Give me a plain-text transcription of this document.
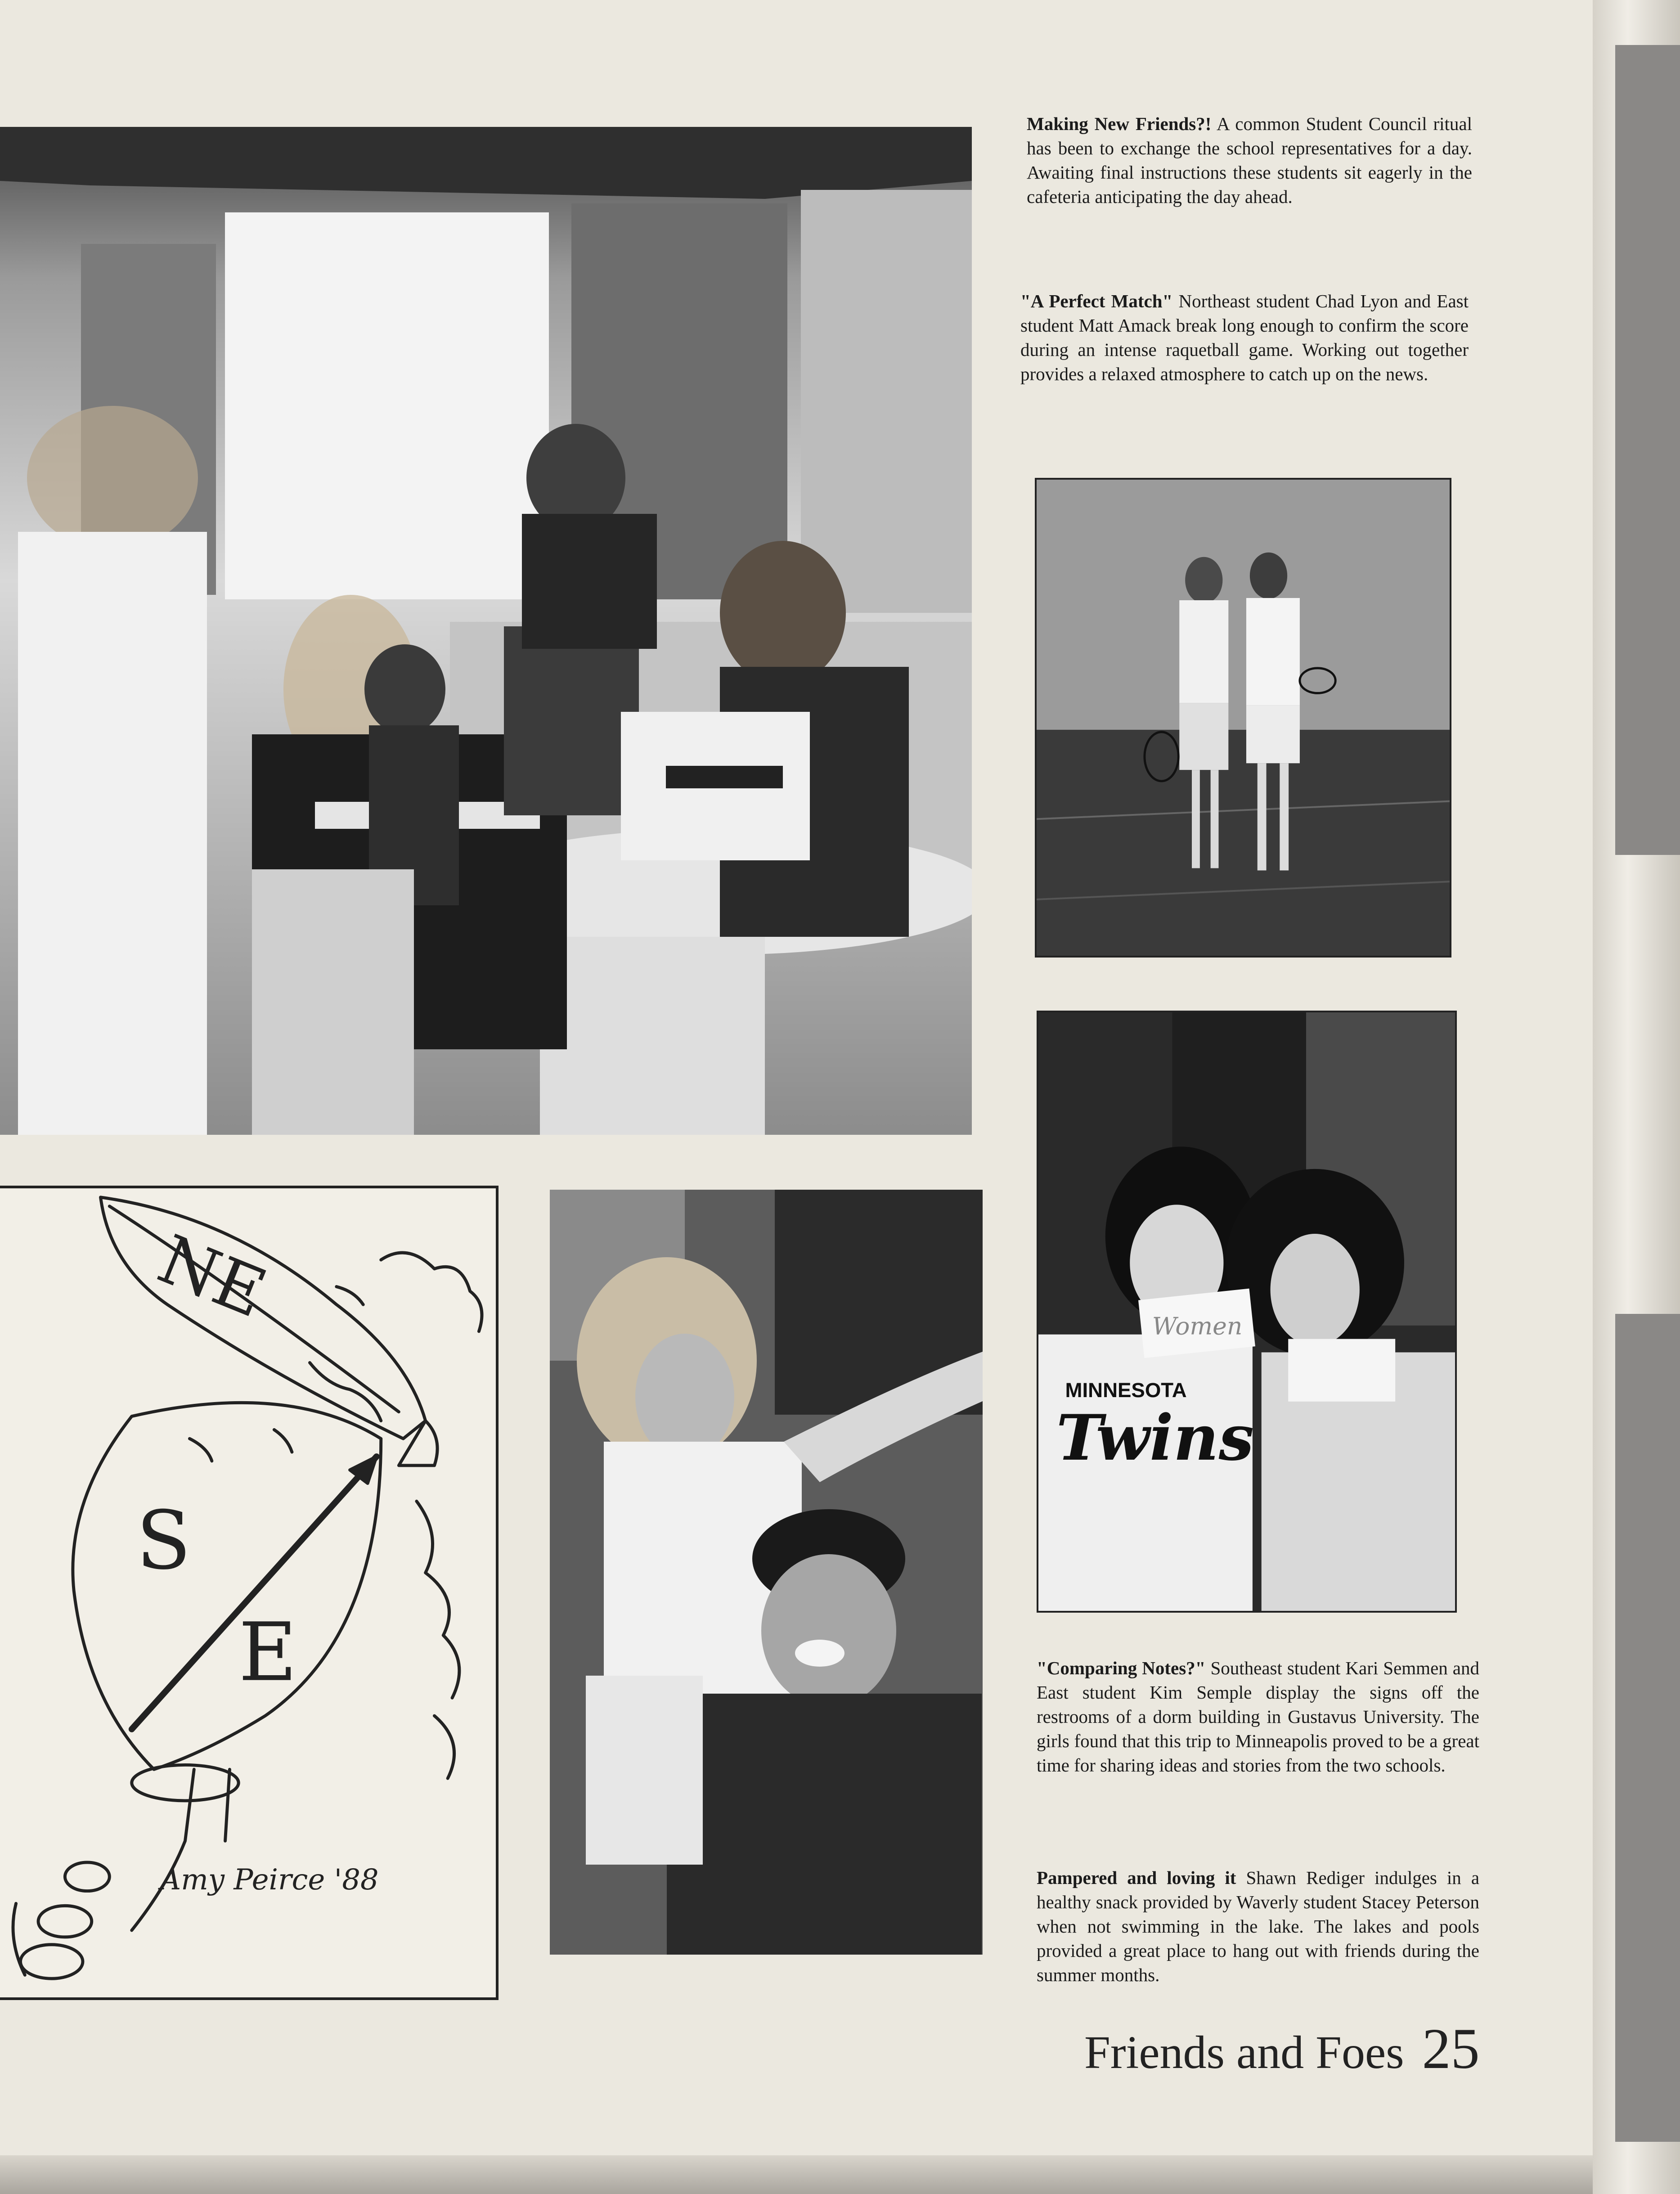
Women
MINNESOTA
Twins
NE
S
E
Amy Peirce '88

Making New Friends?! A common Student Council ritual has been to exchange the school representatives for a day. Awaiting final instructions these students sit eagerly in the cafeteria anticipating the day ahead.

"A Perfect Match" Northeast student Chad Lyon and East student Matt Amack break long enough to confirm the score during an intense raquetball game. Working out together provides a relaxed atmosphere to catch up on the news.

"Comparing Notes?" Southeast student Kari Semmen and East student Kim Semple display the signs off the restrooms of a dorm building in Gustavus University. The girls found that this trip to Minneapolis proved to be a great time for sharing ideas and stories from the two schools.

Pampered and loving it Shawn Rediger indulges in a healthy snack provided by Waverly student Stacey Peterson when not swimming in the lake. The lakes and pools provided a great place to hang out with friends during the summer months.

Friends and Foes 25
